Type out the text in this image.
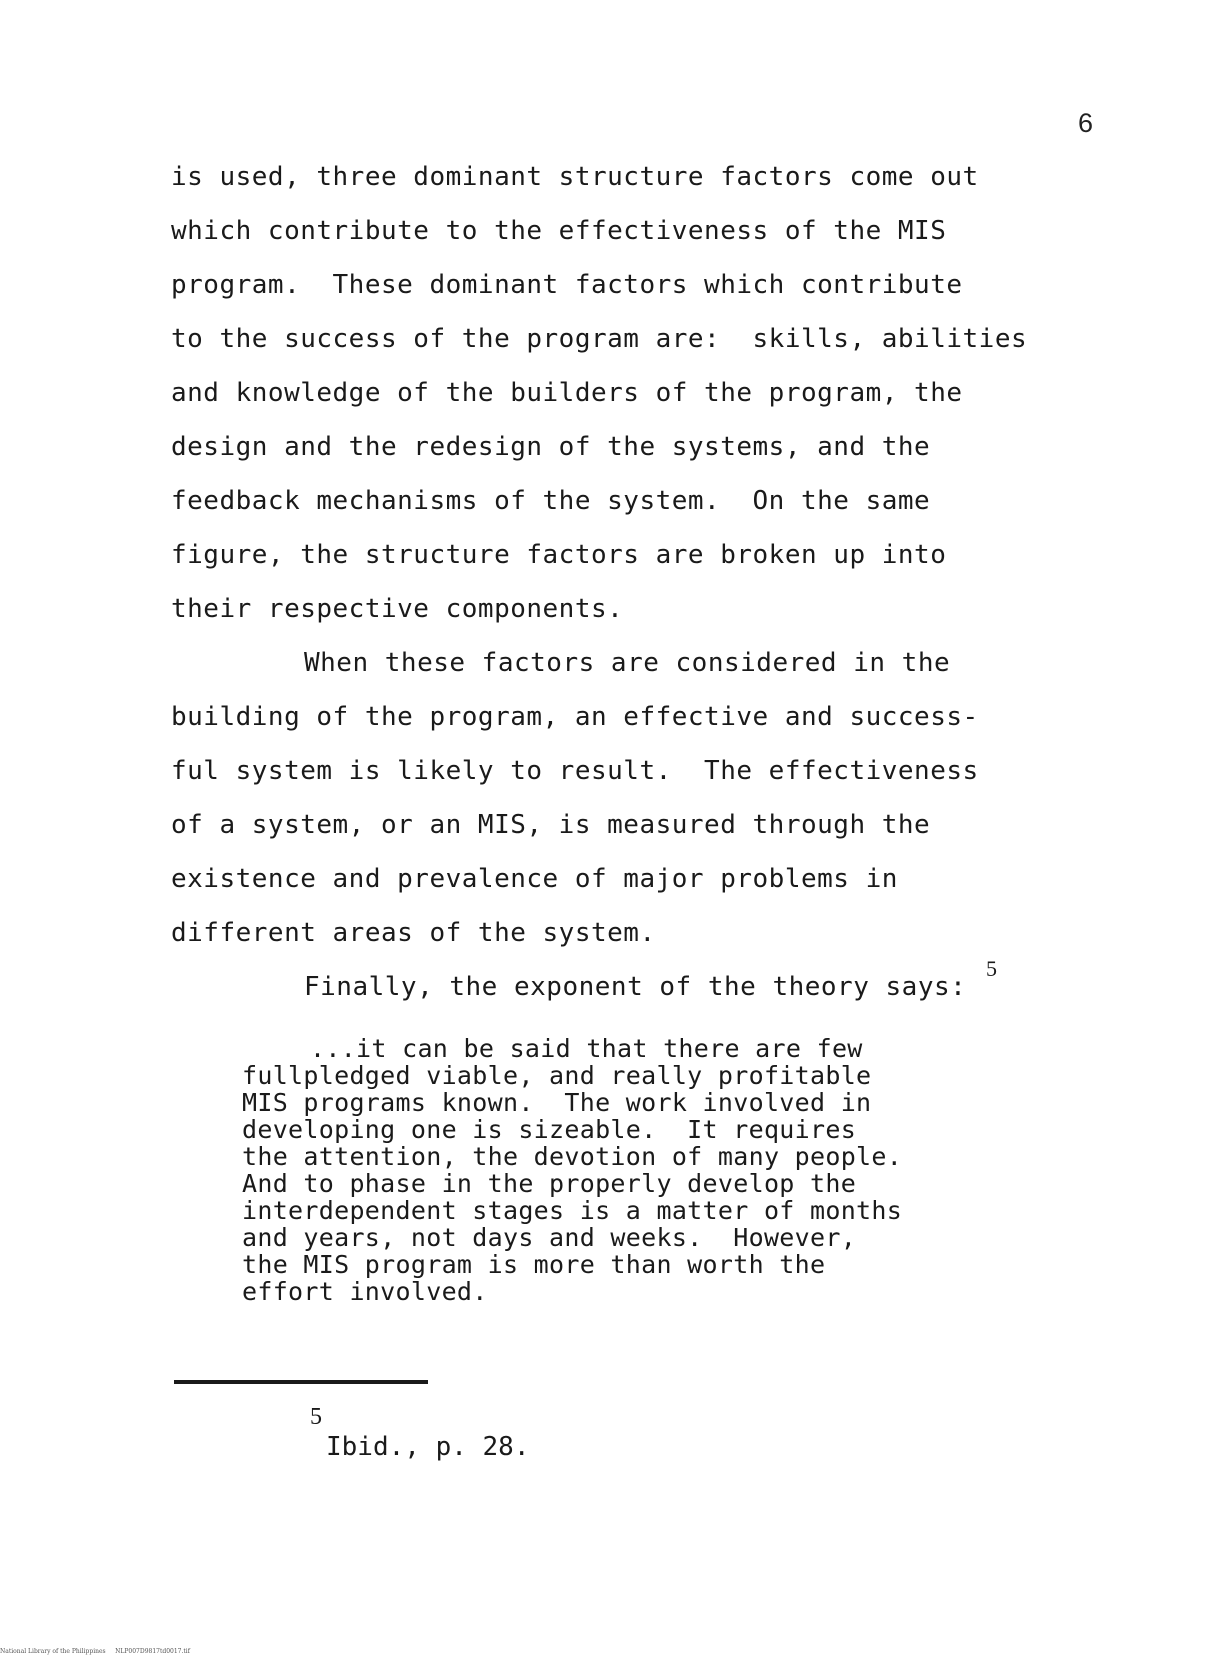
6
is used, three dominant structure factors come out
which contribute to the effectiveness of the MIS
program.  These dominant factors which contribute
to the success of the program are:  skills, abilities
and knowledge of the builders of the program, the
design and the redesign of the systems, and the
feedback mechanisms of the system.  On the same
figure, the structure factors are broken up into
their respective components.
When these factors are considered in the
building of the program, an effective and success-
ful system is likely to result.  The effectiveness
of a system, or an MIS, is measured through the
existence and prevalence of major problems in
different areas of the system.
Finally, the exponent of the theory says:
5
...it can be said that there are few
fullpledged viable, and really profitable
MIS programs known.  The work involved in
developing one is sizeable.  It requires
the attention, the devotion of many people.
And to phase in the properly develop the
interdependent stages is a matter of months
and years, not days and weeks.  However,
the MIS program is more than worth the
effort involved.
5
Ibid., p. 28.
National Library of the Philippines     NLP007D9817td0017.tif
